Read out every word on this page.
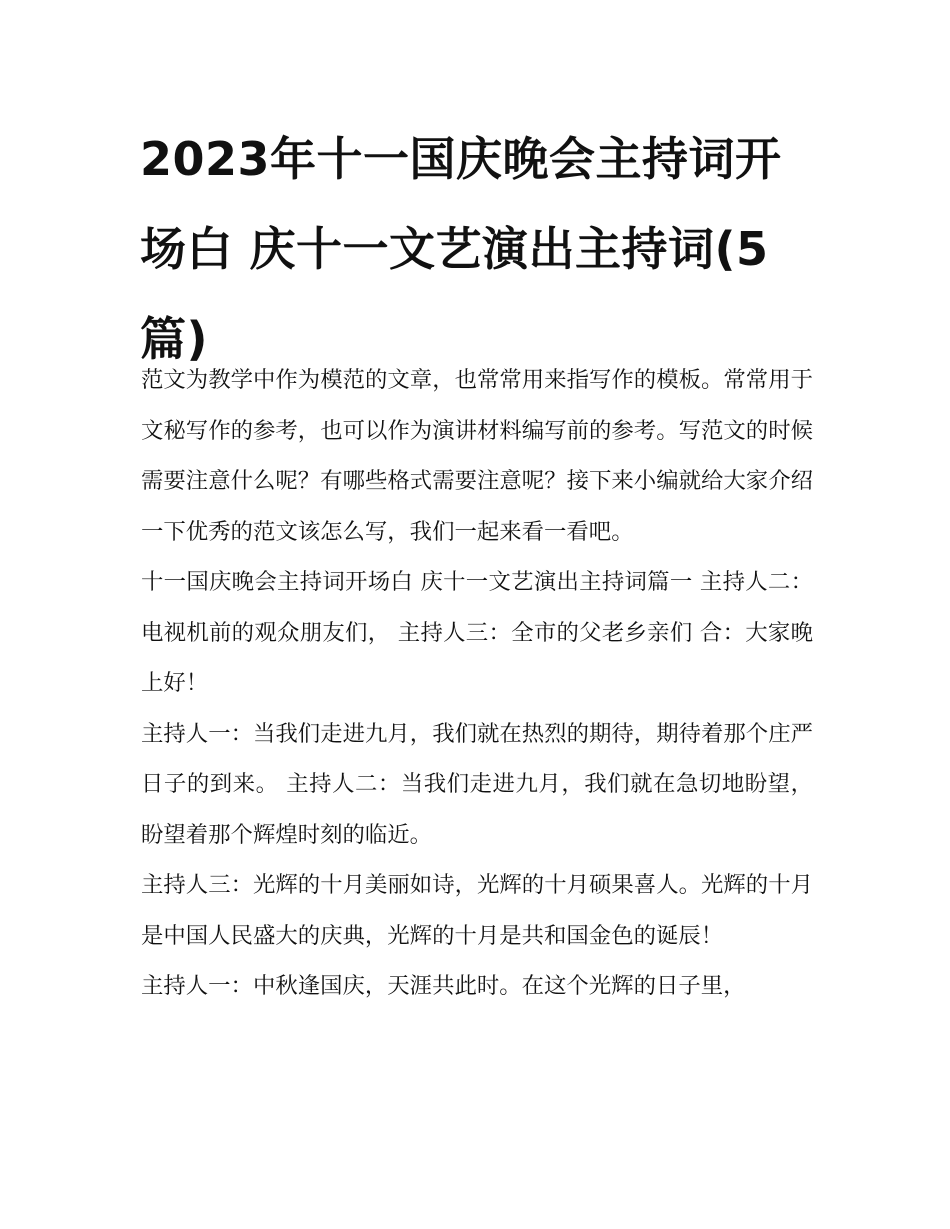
2023年十一国庆晚会主持词开场白 庆十一文艺演出主持词(5篇)

范文为教学中作为模范的文章，也常常用来指写作的模板。常常用于文秘写作的参考，也可以作为演讲材料编写前的参考。写范文的时候需要注意什么呢？有哪些格式需要注意呢？接下来小编就给大家介绍一下优秀的范文该怎么写，我们一起来看一看吧。

十一国庆晚会主持词开场白 庆十一文艺演出主持词篇一 主持人二：电视机前的观众朋友们， 主持人三：全市的父老乡亲们 合：大家晚上好！

主持人一：当我们走进九月，我们就在热烈的期待，期待着那个庄严日子的到来。 主持人二：当我们走进九月，我们就在急切地盼望，盼望着那个辉煌时刻的临近。

主持人三：光辉的十月美丽如诗，光辉的十月硕果喜人。光辉的十月是中国人民盛大的庆典，光辉的十月是共和国金色的诞辰！

主持人一：中秋逢国庆，天涯共此时。在这个光辉的日子里，
